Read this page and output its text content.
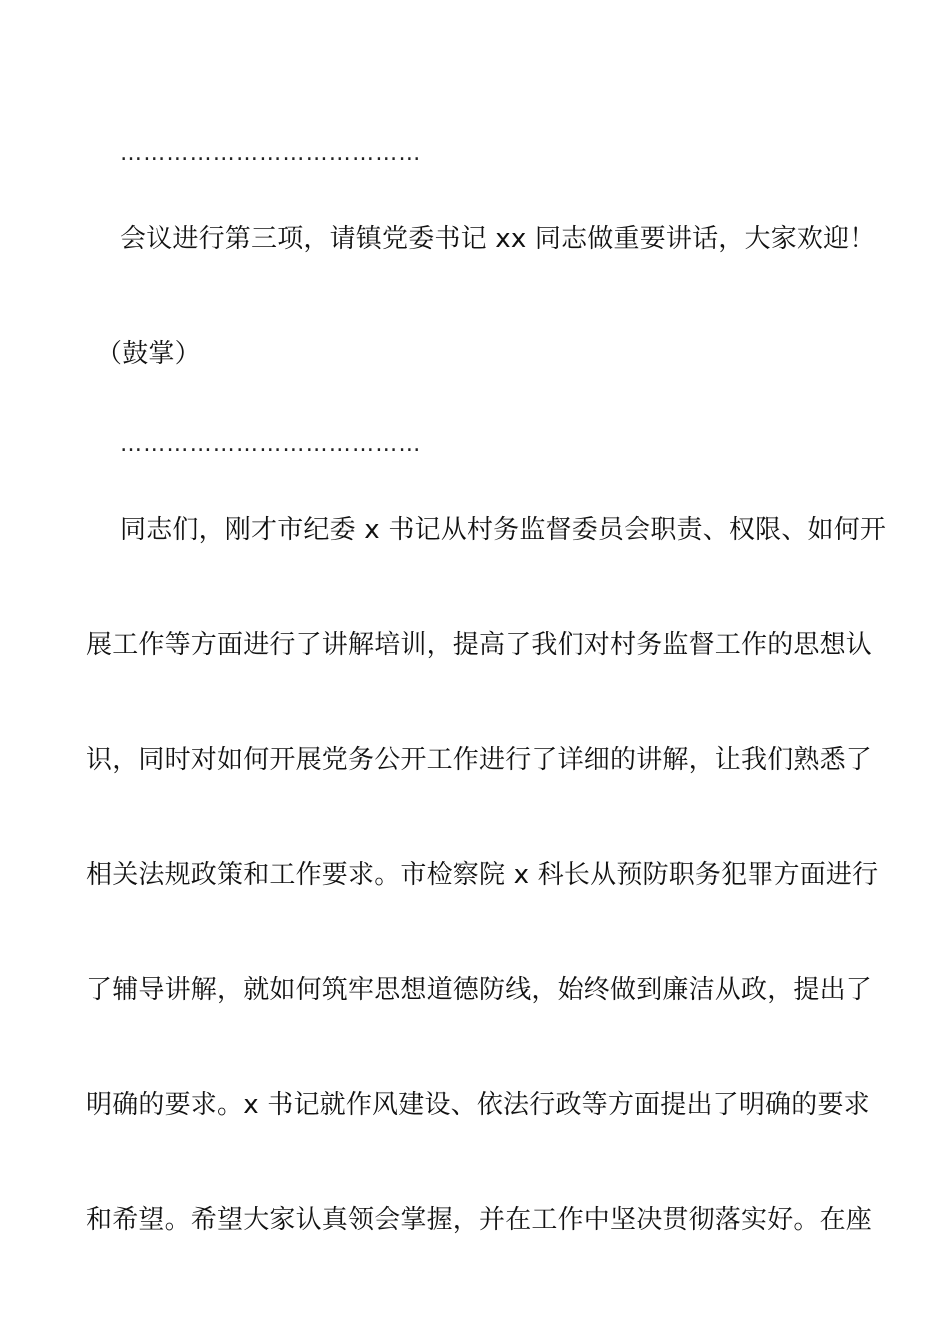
…………………………………
会议进行第三项，请镇党委书记 xx 同志做重要讲话，大家欢迎！
（鼓掌）
…………………………………
同志们，刚才市纪委 x 书记从村务监督委员会职责、权限、如何开
展工作等方面进行了讲解培训，提高了我们对村务监督工作的思想认
识，同时对如何开展党务公开工作进行了详细的讲解，让我们熟悉了
相关法规政策和工作要求。市检察院 x 科长从预防职务犯罪方面进行
了辅导讲解，就如何筑牢思想道德防线，始终做到廉洁从政，提出了
明确的要求。x 书记就作风建设、依法行政等方面提出了明确的要求
和希望。希望大家认真领会掌握，并在工作中坚决贯彻落实好。在座
